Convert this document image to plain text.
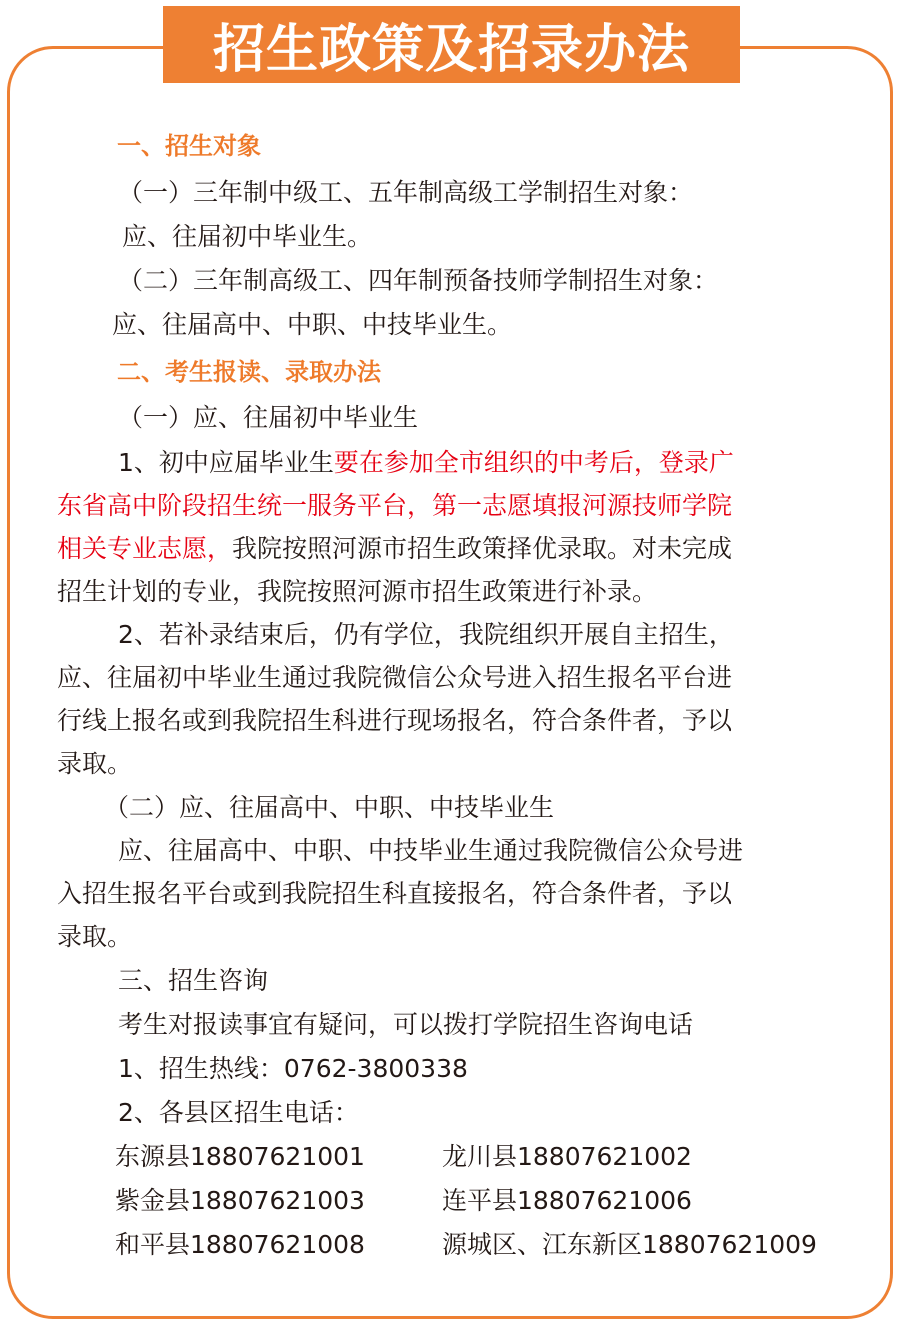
招生政策及招录办法
一、招生对象
（一）三年制中级工、五年制高级工学制招生对象：
应、往届初中毕业生。
（二）三年制高级工、四年制预备技师学制招生对象：
应、往届高中、中职、中技毕业生。
二、考生报读、录取办法
（一）应、往届初中毕业生
1、初中应届毕业生要在参加全市组织的中考后，登录广
东省高中阶段招生统一服务平台，第一志愿填报河源技师学院
相关专业志愿，我院按照河源市招生政策择优录取。对未完成
招生计划的专业，我院按照河源市招生政策进行补录。
2、若补录结束后，仍有学位，我院组织开展自主招生，
应、往届初中毕业生通过我院微信公众号进入招生报名平台进
行线上报名或到我院招生科进行现场报名，符合条件者，予以
录取。
（二）应、往届高中、中职、中技毕业生
应、往届高中、中职、中技毕业生通过我院微信公众号进
入招生报名平台或到我院招生科直接报名，符合条件者，予以
录取。
三、招生咨询
考生对报读事宜有疑问，可以拨打学院招生咨询电话
1、招生热线：0762-3800338
2、各县区招生电话：
东源县18807621001	龙川县18807621002
紫金县18807621003	连平县18807621006
和平县18807621008	源城区、江东新区18807621009
